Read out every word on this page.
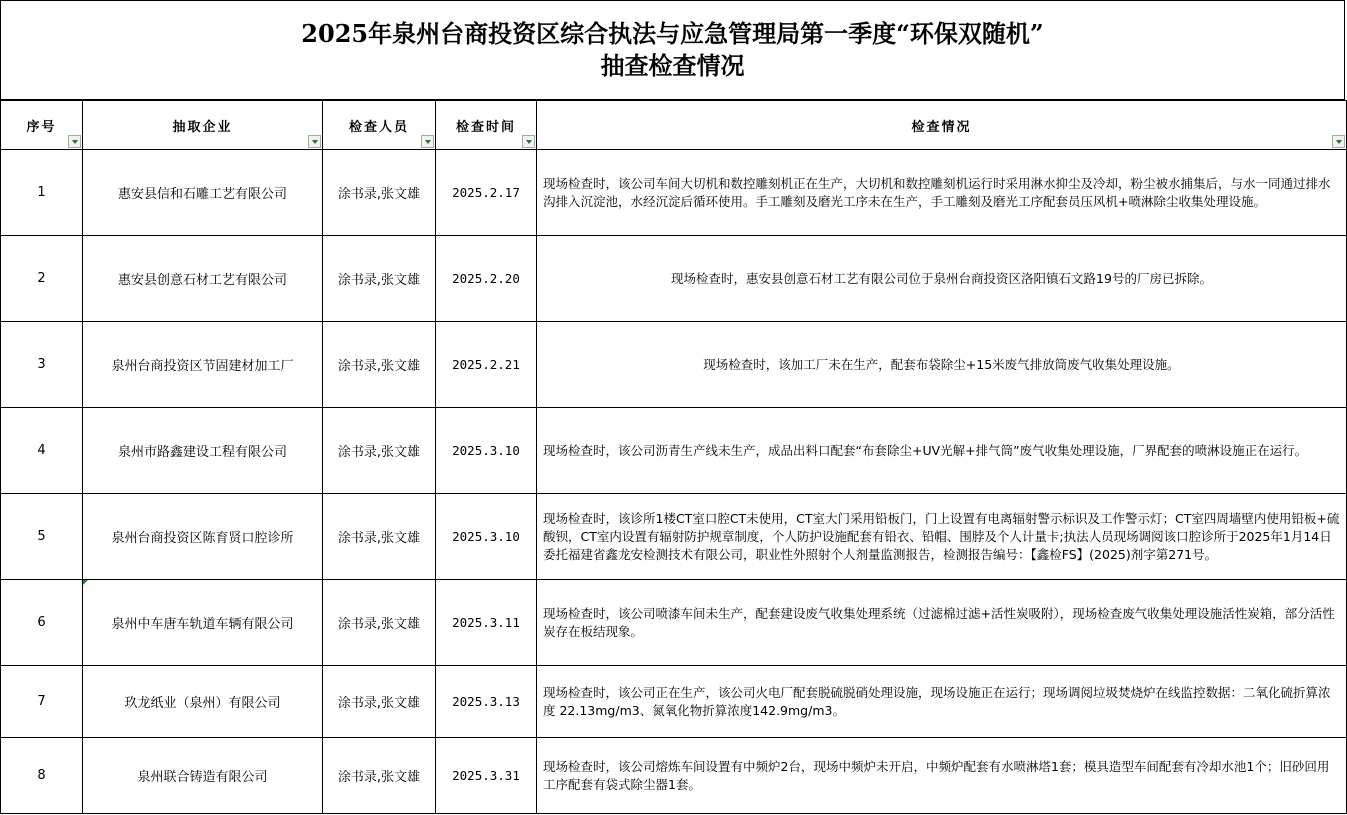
2025年泉州台商投资区综合执法与应急管理局第一季度“环保双随机”
抽查检查情况
序号	抽取企业	检查人员	检查时间	检查情况

1	惠安县信和石雕工艺有限公司	涂书录,张文雄	2025.2.17	现场检查时，该公司车间大切机和数控雕刻机正在生产，大切机和数控雕刻机运行时采用淋水抑尘及冷却，粉尘被水捕集后，与水一同通过排水沟排入沉淀池，水经沉淀后循环使用。手工雕刻及磨光工序未在生产，手工雕刻及磨光工序配套员压风机+喷淋除尘收集处理设施。
2	惠安县创意石材工艺有限公司	涂书录,张文雄	2025.2.20	现场检查时，惠安县创意石材工艺有限公司位于泉州台商投资区洛阳镇石文路19号的厂房已拆除。
3	泉州台商投资区节固建材加工厂	涂书录,张文雄	2025.2.21	现场检查时，该加工厂未在生产，配套布袋除尘+15米废气排放筒废气收集处理设施。
4	泉州市路鑫建设工程有限公司	涂书录,张文雄	2025.3.10	现场检查时，该公司沥青生产线未生产，成品出料口配套“布套除尘+UV光解+排气筒”废气收集处理设施，厂界配套的喷淋设施正在运行。
5	泉州台商投资区陈育贤口腔诊所	涂书录,张文雄	2025.3.10	现场检查时，该诊所1楼CT室口腔CT未使用，CT室大门采用铅板门，门上设置有电离辐射警示标识及工作警示灯；CT室四周墙壁内使用铅板+硫酸钡，CT室内设置有辐射防护规章制度，个人防护设施配套有铅衣、铅帽、围脖及个人计量卡;执法人员现场调阅该口腔诊所于2025年1月14日委托福建省鑫龙安检测技术有限公司，职业性外照射个人剂量监测报告，检测报告编号：【鑫检FS】(2025)剂字第271号。
6	泉州中车唐车轨道车辆有限公司	涂书录,张文雄	2025.3.11	现场检查时，该公司喷漆车间未生产，配套建设废气收集处理系统（过滤棉过滤+活性炭吸附），现场检查废气收集处理设施活性炭箱，部分活性炭存在板结现象。
7	玖龙纸业（泉州）有限公司	涂书录,张文雄	2025.3.13	现场检查时，该公司正在生产，该公司火电厂配套脱硫脱硝处理设施，现场设施正在运行；现场调阅垃圾焚烧炉在线监控数据：二氧化硫折算浓度 22.13mg/m3、氮氧化物折算浓度142.9mg/m3。
8	泉州联合铸造有限公司	涂书录,张文雄	2025.3.31	现场检查时，该公司熔炼车间设置有中频炉2台，现场中频炉未开启，中频炉配套有水喷淋塔1套；模具造型车间配套有冷却水池1个；旧砂回用工序配套有袋式除尘器1套。
